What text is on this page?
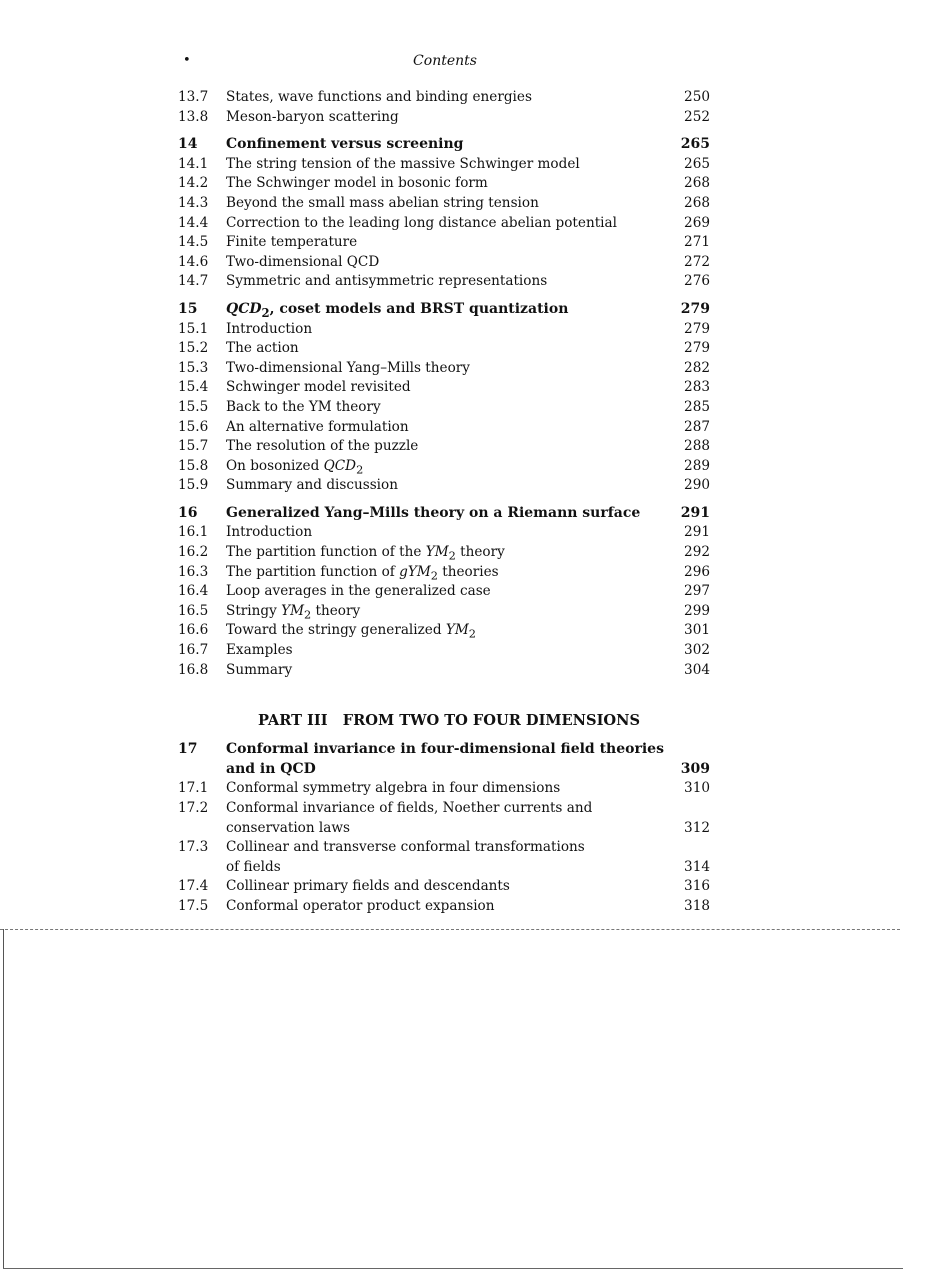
•	Contents
13.7	States, wave functions and binding energies	250
13.8	Meson-baryon scattering	252
14	Confinement versus screening	265
14.1	The string tension of the massive Schwinger model	265
14.2	The Schwinger model in bosonic form	268
14.3	Beyond the small mass abelian string tension	268
14.4	Correction to the leading long distance abelian potential	269
14.5	Finite temperature	271
14.6	Two-dimensional QCD	272
14.7	Symmetric and antisymmetric representations	276
15	$QCD_2$, coset models and BRST quantization	279
15.1	Introduction	279
15.2	The action	279
15.3	Two-dimensional Yang–Mills theory	282
15.4	Schwinger model revisited	283
15.5	Back to the YM theory	285
15.6	An alternative formulation	287
15.7	The resolution of the puzzle	288
15.8	On bosonized $QCD_2$	289
15.9	Summary and discussion	290
16	Generalized Yang–Mills theory on a Riemann surface	291
16.1	Introduction	291
16.2	The partition function of the $YM_2$ theory	292
16.3	The partition function of gYM$_2$ theories	296
16.4	Loop averages in the generalized case	297
16.5	Stringy $YM_2$ theory	299
16.6	Toward the stringy generalized $YM_2$	301
16.7	Examples	302
16.8	Summary	304
PART III   FROM TWO TO FOUR DIMENSIONS
17	Conformal invariance in four-dimensional field theories
and in QCD	309
17.1	Conformal symmetry algebra in four dimensions	310
17.2	Conformal invariance of fields, Noether currents and
conservation laws	312
17.3	Collinear and transverse conformal transformations
of fields	314
17.4	Collinear primary fields and descendants	316
17.5	Conformal operator product expansion	318
